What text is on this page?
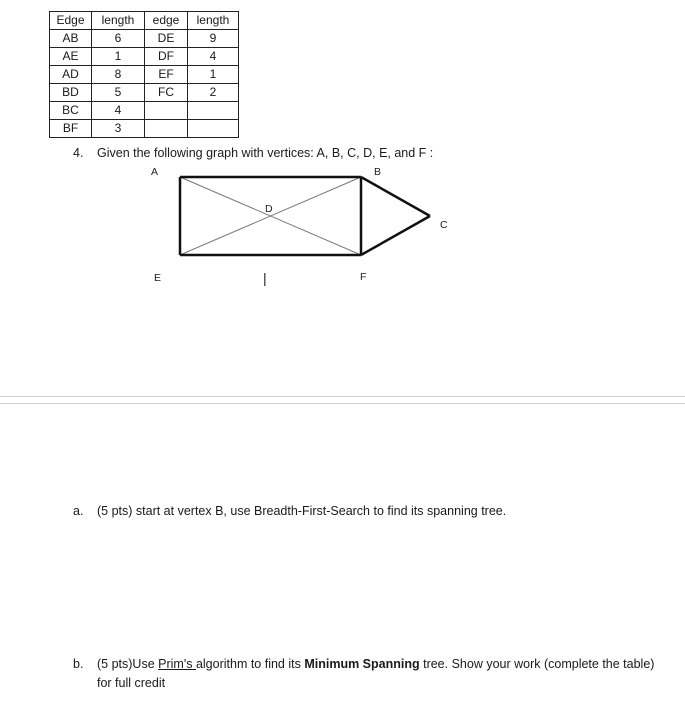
Edge	length	edge	length
AB	6	DE	9
AE	1	DF	4
AD	8	EF	1
BD	5	FC	2
BC	4		
BF	3		
4. Given the following graph with vertices: A, B, C, D, E, and F :
A	B
C
D
E	F
|
a. (5 pts) start at vertex B, use Breadth-First-Search to find its spanning tree.
b. (5 pts)Use Prim's algorithm to find its Minimum Spanning tree. Show your work (complete the table) for full credit
